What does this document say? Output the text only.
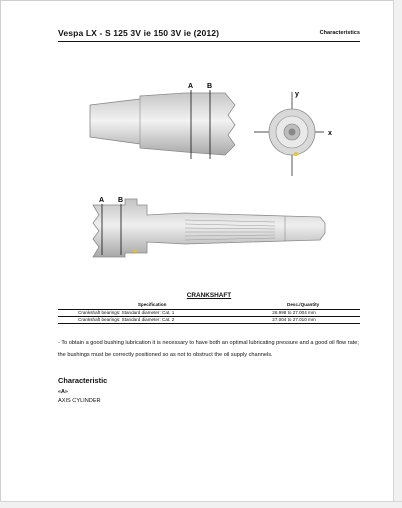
Vespa LX - S 125 3V ie 150 3V ie (2012)	Characteristics
A B
y
x
A B
CRANKSHAFT
Specification	Desc./Quantity
Crankshaft bearings: Standard diameter: Cat. 1	26.998 to 27.004 mm
Crankshaft bearings: Standard diameter: Cat. 2	27.004 to 27.010 mm
- To obtain a good bushing lubrication it is necessary to have both an optimal lubricating pressure and a good oil flow rate; the bushings must be correctly positioned so as not to obstruct the oil supply channels.
Characteristic
«A»
AXIS CYLINDER
